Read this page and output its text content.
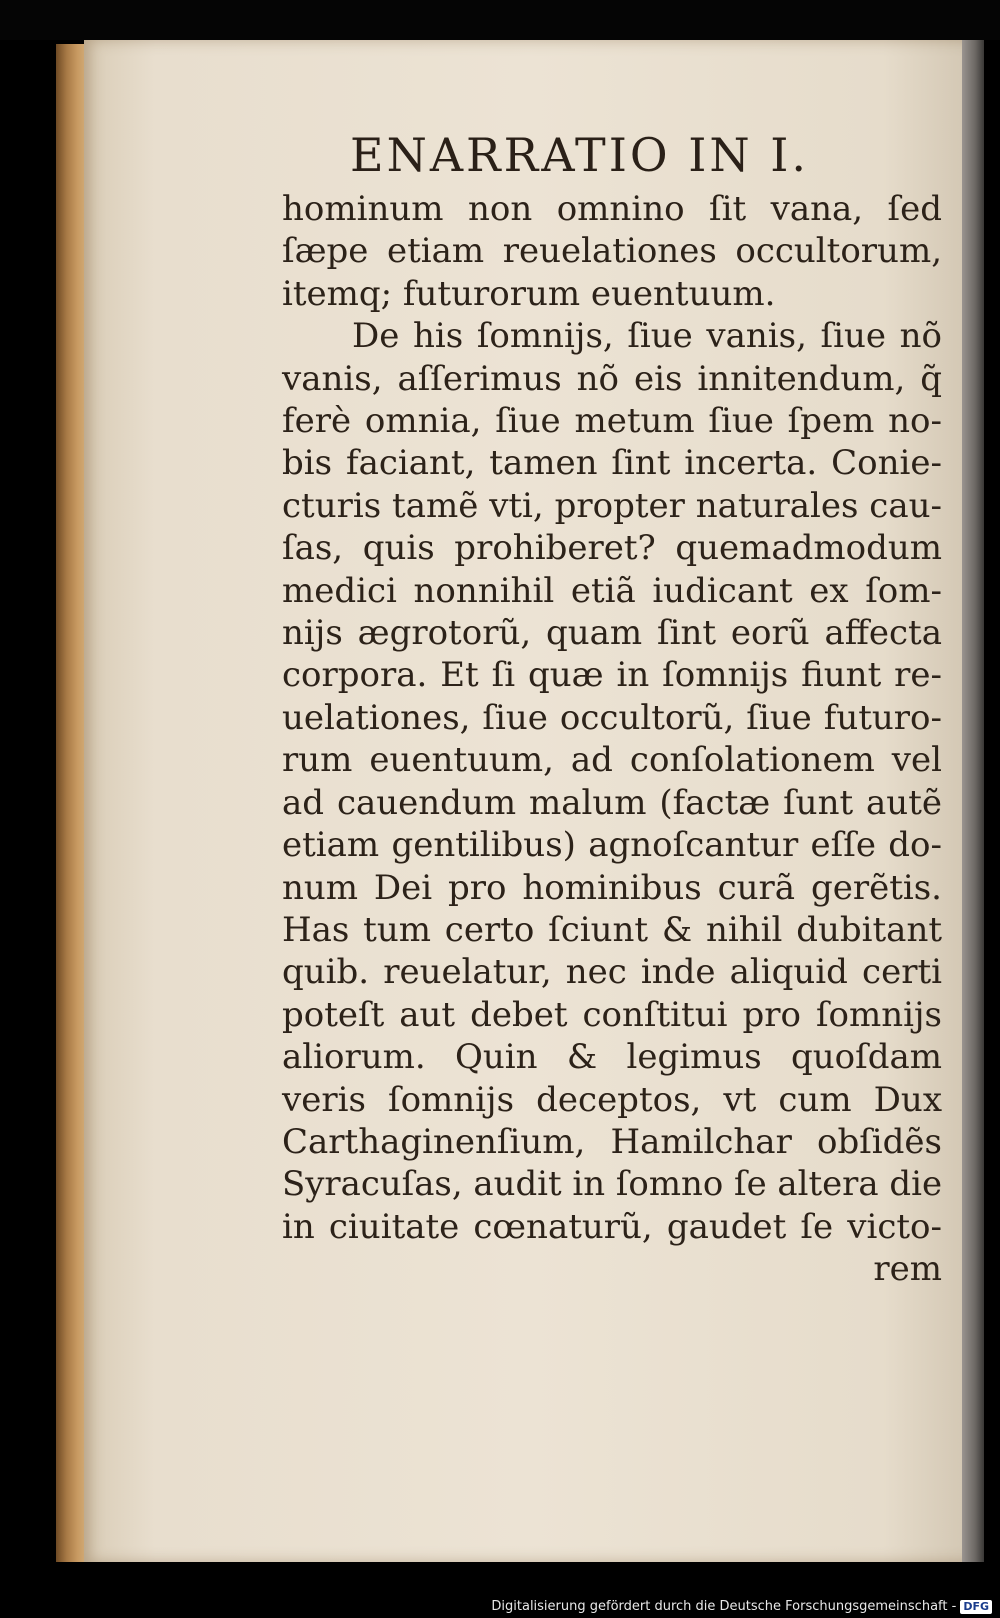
ENARRATIO IN I.
hominum non omnino ſit vana, ſed
ſæpe etiam reuelationes occultorum,
itemq; futurorum euentuum.
De his ſomnijs, ſiue vanis, ſiue nõ
vanis, aſſerimus nõ eis innitendum, q̃
ferè omnia, ſiue metum ſiue ſpem no-
bis faciant, tamen ſint incerta. Conie-
cturis tamẽ vti, propter naturales cau-
ſas, quis prohiberet? quemadmodum
medici nonnihil etiã iudicant ex ſom-
nijs ægrotorũ, quam ſint eorũ affecta
corpora. Et ſi quæ in ſomnijs fiunt re-
uelationes, ſiue occultorũ, ſiue futuro-
rum euentuum, ad conſolationem vel
ad cauendum malum (factæ ſunt autẽ
etiam gentilibus) agnoſcantur eſſe do-
num Dei pro hominibus curã gerẽtis.
Has tum certo ſciunt & nihil dubitant
quib. reuelatur, nec inde aliquid certi
poteſt aut debet conſtitui pro ſomnijs
aliorum. Quin & legimus quoſdam
veris ſomnijs deceptos, vt cum Dux
Carthaginenſium, Hamilchar obſidẽs
Syracuſas, audit in ſomno ſe altera die
in ciuitate cœnaturũ, gaudet ſe victo-
rem
Digitalisierung gefördert durch die Deutsche Forschungsgemeinschaft - DFG
